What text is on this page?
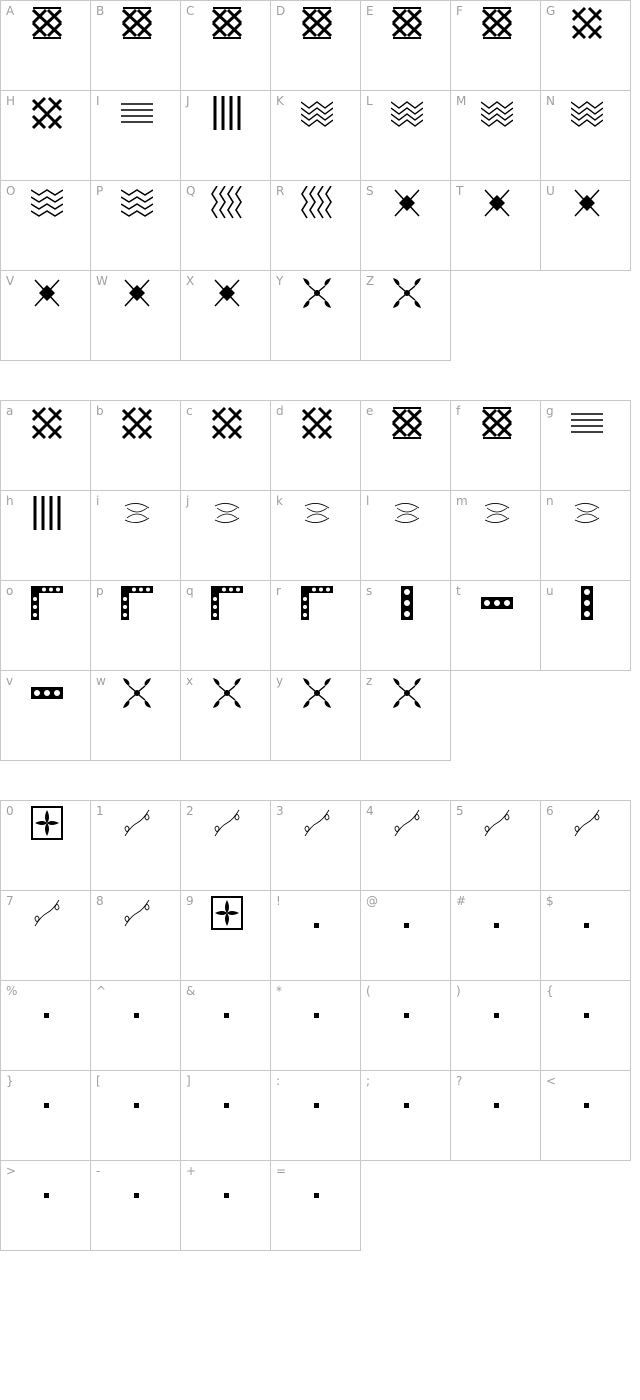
A	B	C	D	E	F	G
H	I	J	K	L	M	N
O	P	Q	R	S	T	U
V	W	X	Y	Z
a	b	c	d	e	f	g
h	i	j	k	l	m	n
o	p	q	r	s	t	u
v	w	x	y	z
0	1	2	3	4	5	6
7	8	9	!	@	#	$
%	^	&	*	(	)	{
}	[	]	:	;	?	<
>	-	+	=
